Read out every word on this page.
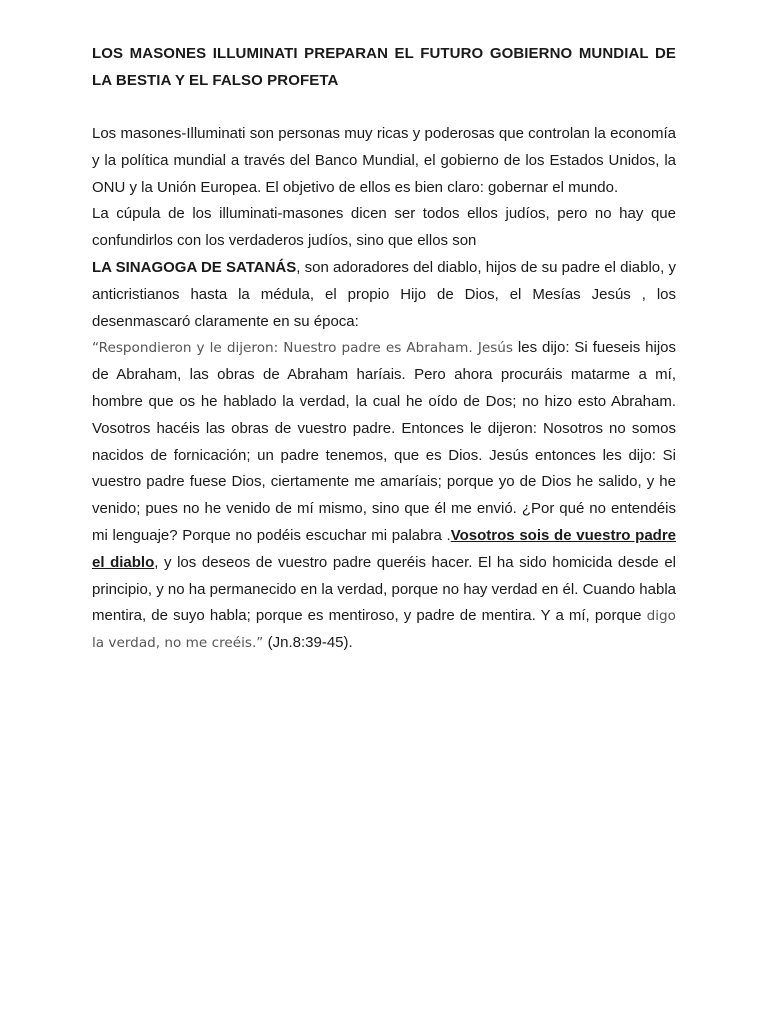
LOS MASONES ILLUMINATI PREPARAN EL FUTURO GOBIERNO MUNDIAL DE LA BESTIA Y EL FALSO PROFETA

Los masones-Illuminati son personas muy ricas y poderosas que controlan la economía y la política mundial a través del Banco Mundial, el gobierno de los Estados Unidos, la ONU y la Unión Europea. El objetivo de ellos es bien claro: gobernar el mundo.

La cúpula de los illuminati-masones dicen ser todos ellos judíos, pero no hay que confundirlos con los verdaderos judíos, sino que ellos son

LA SINAGOGA DE SATANÁS, son adoradores del diablo, hijos de su padre el diablo, y anticristianos hasta la médula, el propio Hijo de Dios, el Mesías Jesús , los desenmascaró claramente en su época:

“Respondieron y le dijeron: Nuestro padre es Abraham. Jesús les dijo: Si fueseis hijos de Abraham, las obras de Abraham haríais. Pero ahora procuráis matarme a mí, hombre que os he hablado la verdad, la cual he oído de Dos; no hizo esto Abraham. Vosotros hacéis las obras de vuestro padre. Entonces le dijeron: Nosotros no somos nacidos de fornicación; un padre tenemos, que es Dios. Jesús entonces les dijo: Si vuestro padre fuese Dios, ciertamente me amaríais; porque yo de Dios he salido, y he venido; pues no he venido de mí mismo, sino que él me envió. ¿Por qué no entendéis mi lenguaje? Porque no podéis escuchar mi palabra .Vosotros sois de vuestro padre el diablo, y los deseos de vuestro padre queréis hacer. El ha sido homicida desde el principio, y no ha permanecido en la verdad, porque no hay verdad en él. Cuando habla mentira, de suyo habla; porque es mentiroso, y padre de mentira. Y a mí, porque digo la verdad, no me creéis.” (Jn.8:39-45).
